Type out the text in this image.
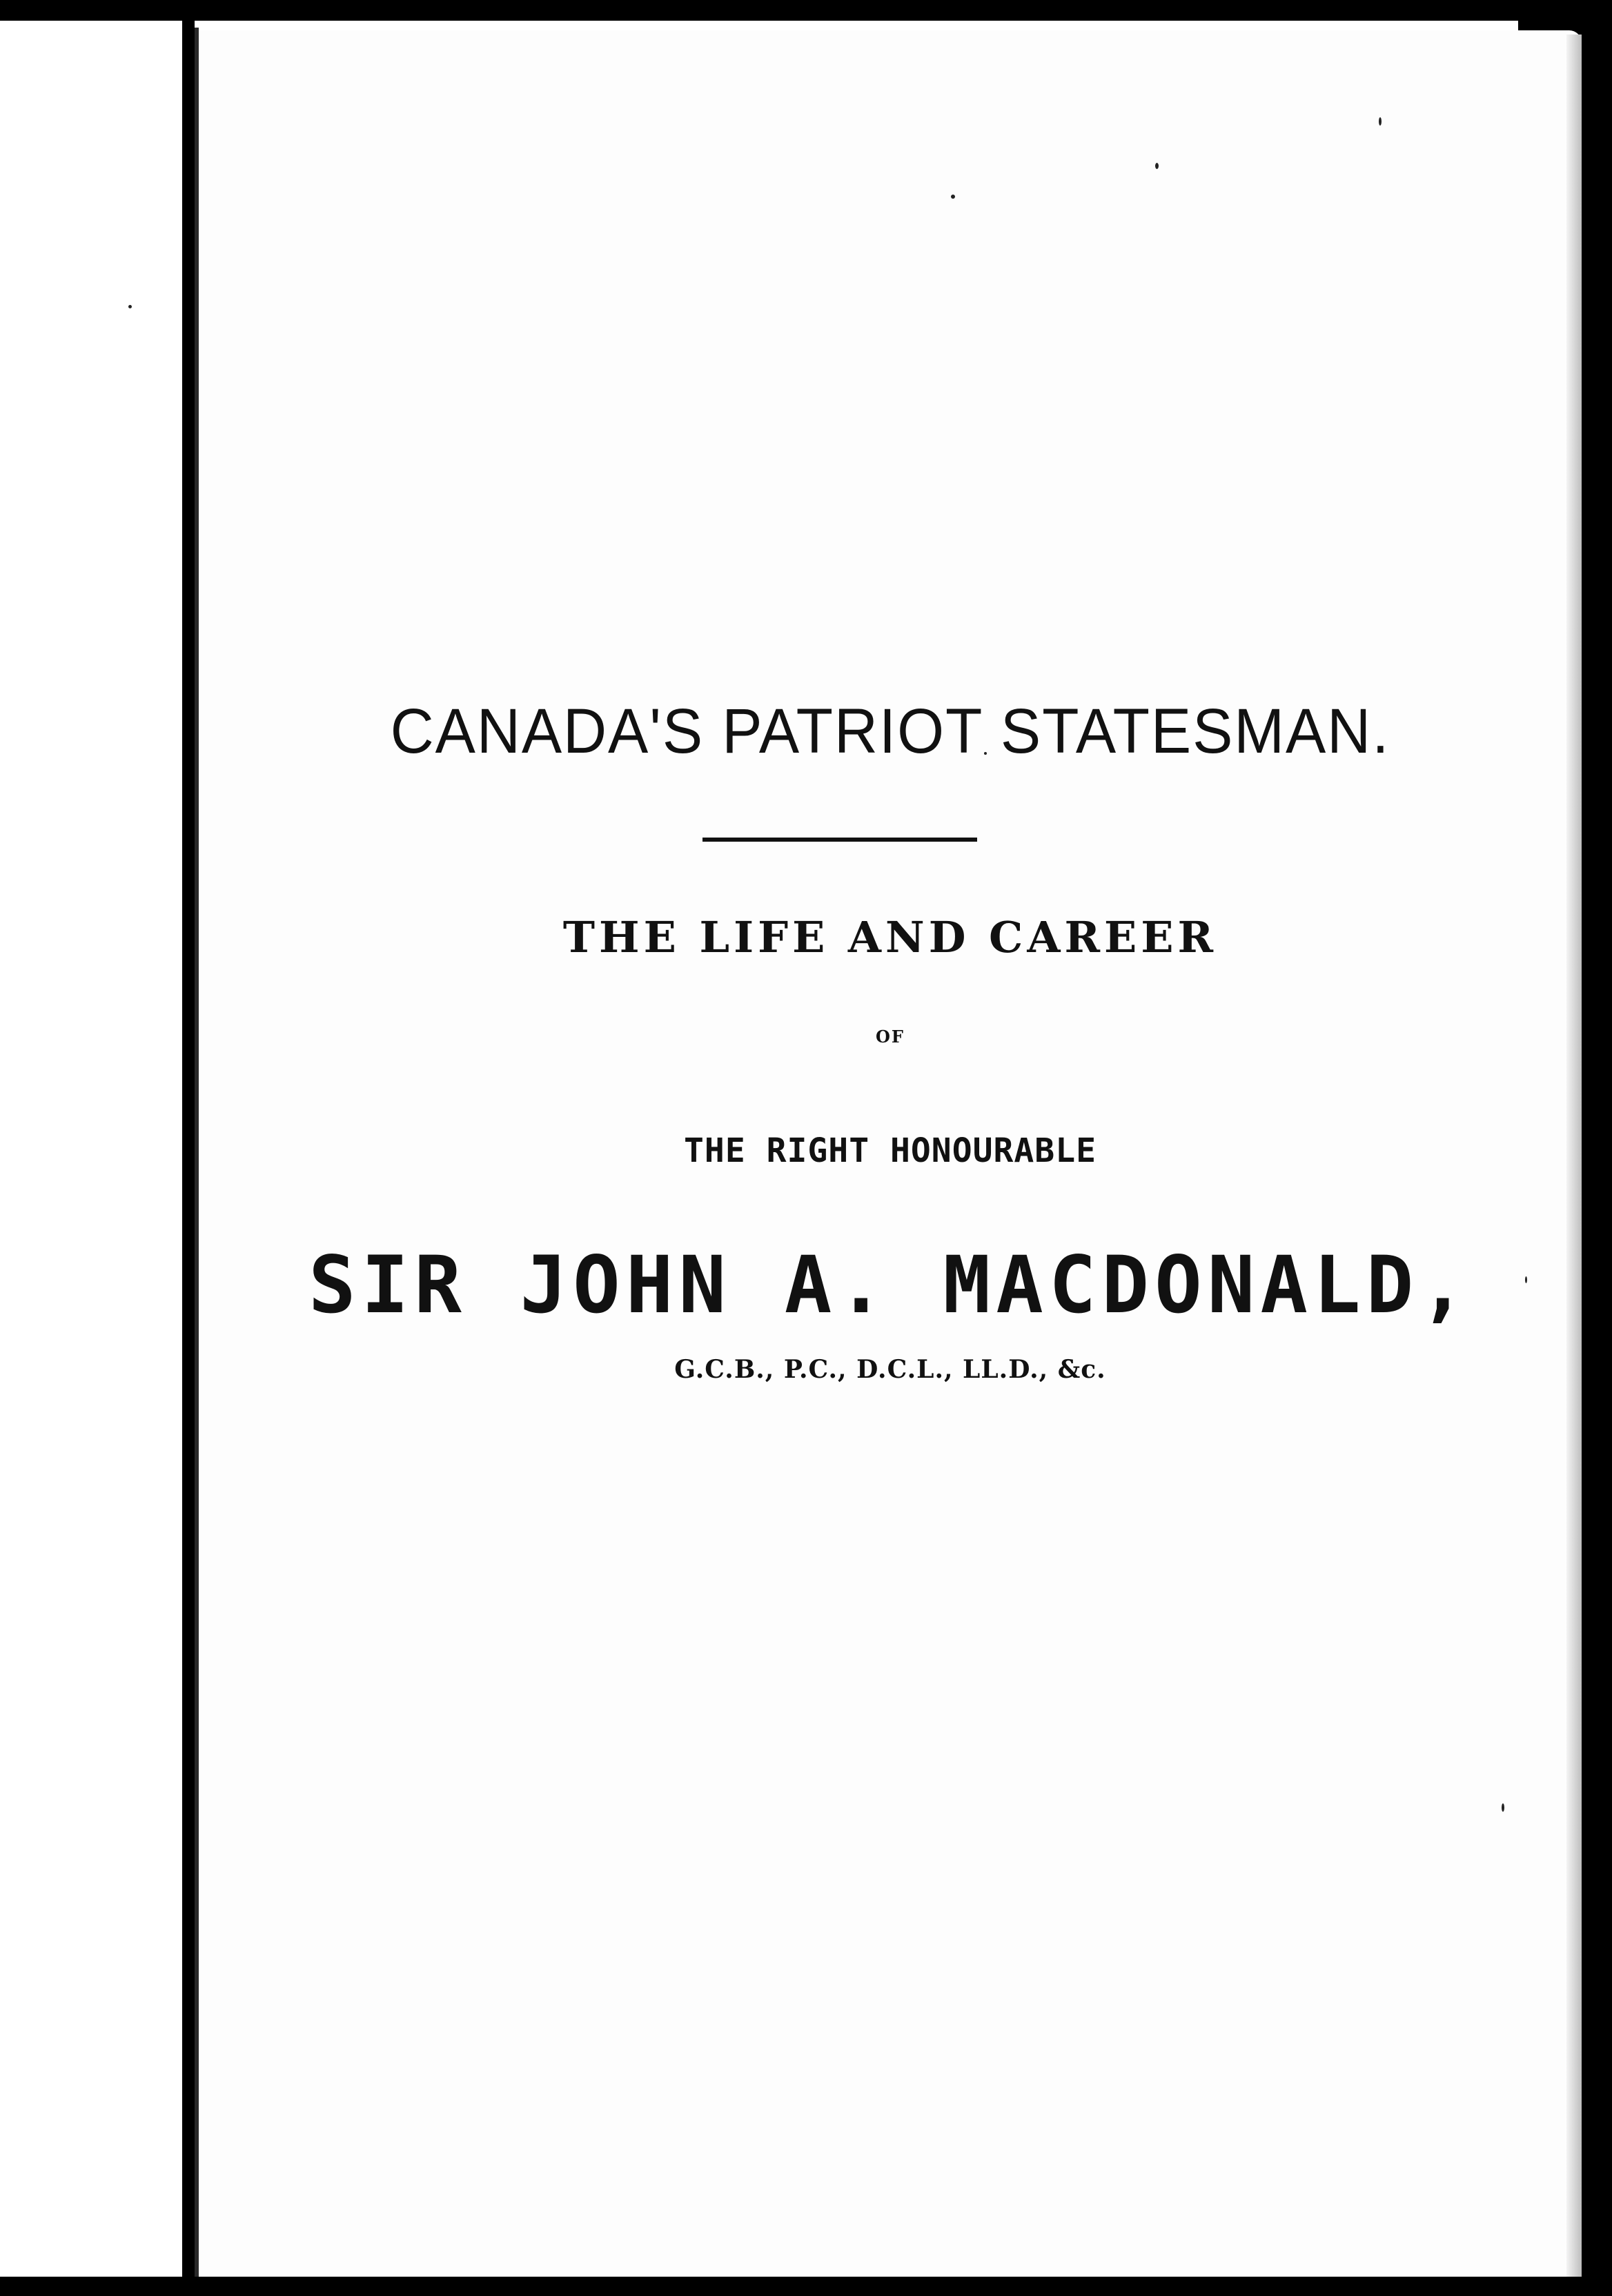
CANADA'S PATRIOT STATESMAN.
THE LIFE AND CAREER
OF
THE RIGHT HONOURABLE
SIR JOHN A. MACDONALD,
G.C.B., P.C., D.C.L., LL.D., &c.
